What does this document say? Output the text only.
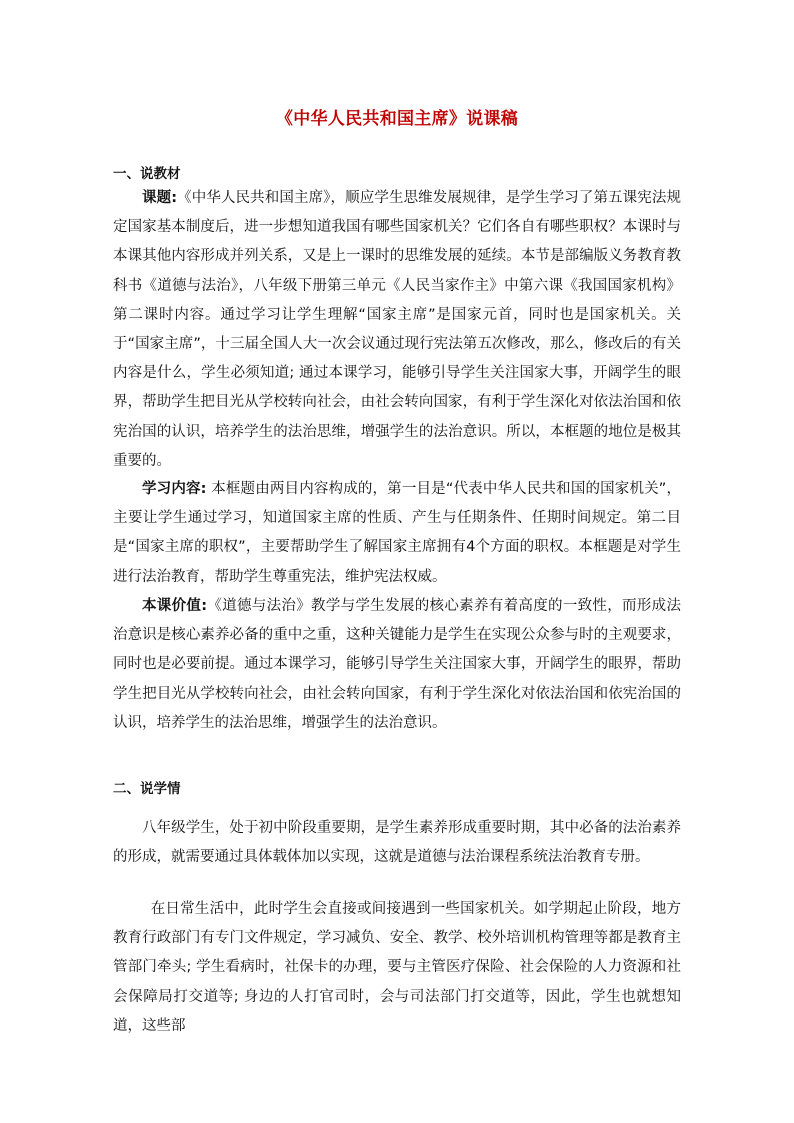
《中华人民共和国主席》说课稿
一、说教材

课题:《中华人民共和国主席》，顺应学生思维发展规律，是学生学习了第五课宪法规定国家基本制度后，进一步想知道我国有哪些国家机关？它们各自有哪些职权？本课时与本课其他内容形成并列关系，又是上一课时的思维发展的延续。本节是部编版义务教育教科书《道德与法治》，八年级下册第三单元《人民当家作主》中第六课《我国国家机构》第二课时内容。通过学习让学生理解“国家主席”是国家元首，同时也是国家机关。关于“国家主席”，十三届全国人大一次会议通过现行宪法第五次修改，那么，修改后的有关内容是什么，学生必须知道; 通过本课学习，能够引导学生关注国家大事，开阔学生的眼界，帮助学生把目光从学校转向社会，由社会转向国家，有利于学生深化对依法治国和依宪治国的认识，培养学生的法治思维，增强学生的法治意识。所以，本框题的地位是极其重要的。

学习内容: 本框题由两目内容构成的，第一目是“代表中华人民共和国的国家机关”，主要让学生通过学习，知道国家主席的性质、产生与任期条件、任期时间规定。第二目是“国家主席的职权”，主要帮助学生了解国家主席拥有4个方面的职权。本框题是对学生进行法治教育，帮助学生尊重宪法，维护宪法权威。

本课价值:《道德与法治》教学与学生发展的核心素养有着高度的一致性，而形成法治意识是核心素养必备的重中之重，这种关键能力是学生在实现公众参与时的主观要求，同时也是必要前提。通过本课学习，能够引导学生关注国家大事，开阔学生的眼界，帮助学生把目光从学校转向社会，由社会转向国家，有利于学生深化对依法治国和依宪治国的认识，培养学生的法治思维，增强学生的法治意识。

二、说学情

八年级学生，处于初中阶段重要期，是学生素养形成重要时期，其中必备的法治素养的形成，就需要通过具体载体加以实现，这就是道德与法治课程系统法治教育专册。

在日常生活中，此时学生会直接或间接遇到一些国家机关。如学期起止阶段，地方教育行政部门有专门文件规定，学习减负、安全、教学、校外培训机构管理等都是教育主管部门牵头; 学生看病时，社保卡的办理，要与主管医疗保险、社会保险的人力资源和社会保障局打交道等; 身边的人打官司时，会与司法部门打交道等，因此，学生也就想知道，这些部
